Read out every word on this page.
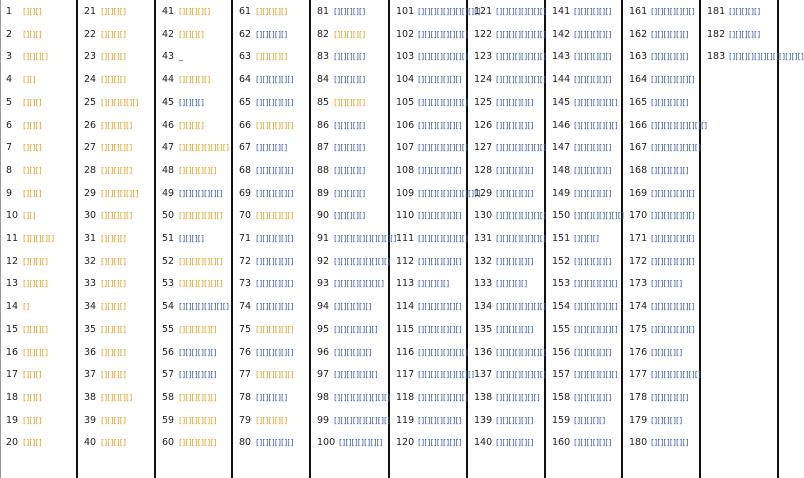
1 [][][]
2 [][][]
3 [][][][]
4 [][]
5 [][][]
6 [][][]
7 [][][]
8 [][][]
9 [][][]
10 [][]
11 [][][][][]
12 [][][][]
13 [][][][]
14 []
15 [][][][]
16 [][][][]
17 [][][]
18 [][][]
19 [][][]
20 [][][]
21 [][][][]
22 [][][][]
23 [][][][]
24 [][][][]
25 [][][][][][]
26 [][][][][]
27 [][][][][]
28 [][][][][]
29 [][][][][][]
30 [][][][][]
31 [][][][]
32 [][][][]
33 [][][][]
34 [][][][]
35 [][][][]
36 [][][][]
37 [][][][]
38 [][][][][]
39 [][][][]
40 [][][][]
41 [][][][][]
42 [][][][]
43 _
44 [][][][][]
45 [][][][]
46 [][][][]
47 [][][][][][][][]
48 [][][][][][]
49 [][][][][][][]
50 [][][][][][][]
51 [][][][]
52 [][][][][][][]
53 [][][][][][][]
54 [][][][][][][][]
55 [][][][][][]
56 [][][][][][]
57 [][][][][][]
58 [][][][][][]
59 [][][][][][]
60 [][][][][][]
61 [][][][][]
62 [][][][][]
63 [][][][][]
64 [][][][][][]
65 [][][][][][]
66 [][][][][][]
67 [][][][][]
68 [][][][][][]
69 [][][][][][]
70 [][][][][][]
71 [][][][][][]
72 [][][][][][]
73 [][][][][][]
74 [][][][][][]
75 [][][][][][]
76 [][][][][][]
77 [][][][][][]
78 [][][][][]
79 [][][][][]
80 [][][][][][]
81 [][][][][]
82 [][][][][]
83 [][][][][]
84 [][][][][]
85 [][][][][]
86 [][][][][]
87 [][][][][]
88 [][][][][]
89 [][][][][]
90 [][][][][]
91 [][][][][][][][][][]
92 [][][][][][][][][]
93 [][][][][][][][]
94 [][][][][][]
95 [][][][][][][]
96 [][][][][][]
97 [][][][][][][]
98 [][][][][][][][][]
99 [][][][][][][][][]
100 [][][][][][][]
101 [][][][][][][][][][]
102 [][][][][][][][]
103 [][][][][][][][]
104 [][][][][][][]
105 [][][][][][][][]
106 [][][][][][][]
107 [][][][][][][][]
108 [][][][][][][]
109 [][][][][][][][][][]
110 [][][][][][][]
111 [][][][][][][][]
112 [][][][][][][]
113 [][][][][]
114 [][][][][][][]
115 [][][][][][][]
116 [][][][][][][][]
117 [][][][][][][][][]
118 [][][][][][][][]
119 [][][][][][][]
120 [][][][][][][]
121 [][][][][][][][]
122 [][][][][][][][]
123 [][][][][][][][]
124 [][][][][][][][]
125 [][][][][][]
126 [][][][][][]
127 [][][][][][][][]
128 [][][][][][]
129 [][][][][][]
130 [][][][][][][][]
131 [][][][][][][][]
132 [][][][][][]
133 [][][][][]
134 [][][][][][][][]
135 [][][][][][]
136 [][][][][][][][]
137 [][][][][][][][]
138 [][][][][][][]
139 [][][][][][]
140 [][][][][][]
141 [][][][][][]
142 [][][][][][]
143 [][][][][][]
144 [][][][][][]
145 [][][][][][][]
146 [][][][][][][]
147 [][][][][][]
148 [][][][][][]
149 [][][][][][]
150 [][][][][][][][]
151 [][][][]
152 [][][][][][]
153 [][][][][][][]
154 [][][][][][][]
155 [][][][][][][]
156 [][][][][][]
157 [][][][][][][]
158 [][][][][][]
159 [][][][][]
160 [][][][][][]
161 [][][][][][][]
162 [][][][][][]
163 [][][][][][]
164 [][][][][][][]
165 [][][][][][]
166 [][][][][][][][][]
167 [][][][][][][][]
168 [][][][][][]
169 [][][][][][][]
170 [][][][][][][]
171 [][][][][][][]
172 [][][][][][][]
173 [][][][][]
174 [][][][][][][]
175 [][][][][][][]
176 [][][][][]
177 [][][][][][][][]
178 [][][][][][]
179 [][][][][]
180 [][][][][][]
181 [][][][][]
182 [][][][][]
183 [][][][][][][][][][][][]
